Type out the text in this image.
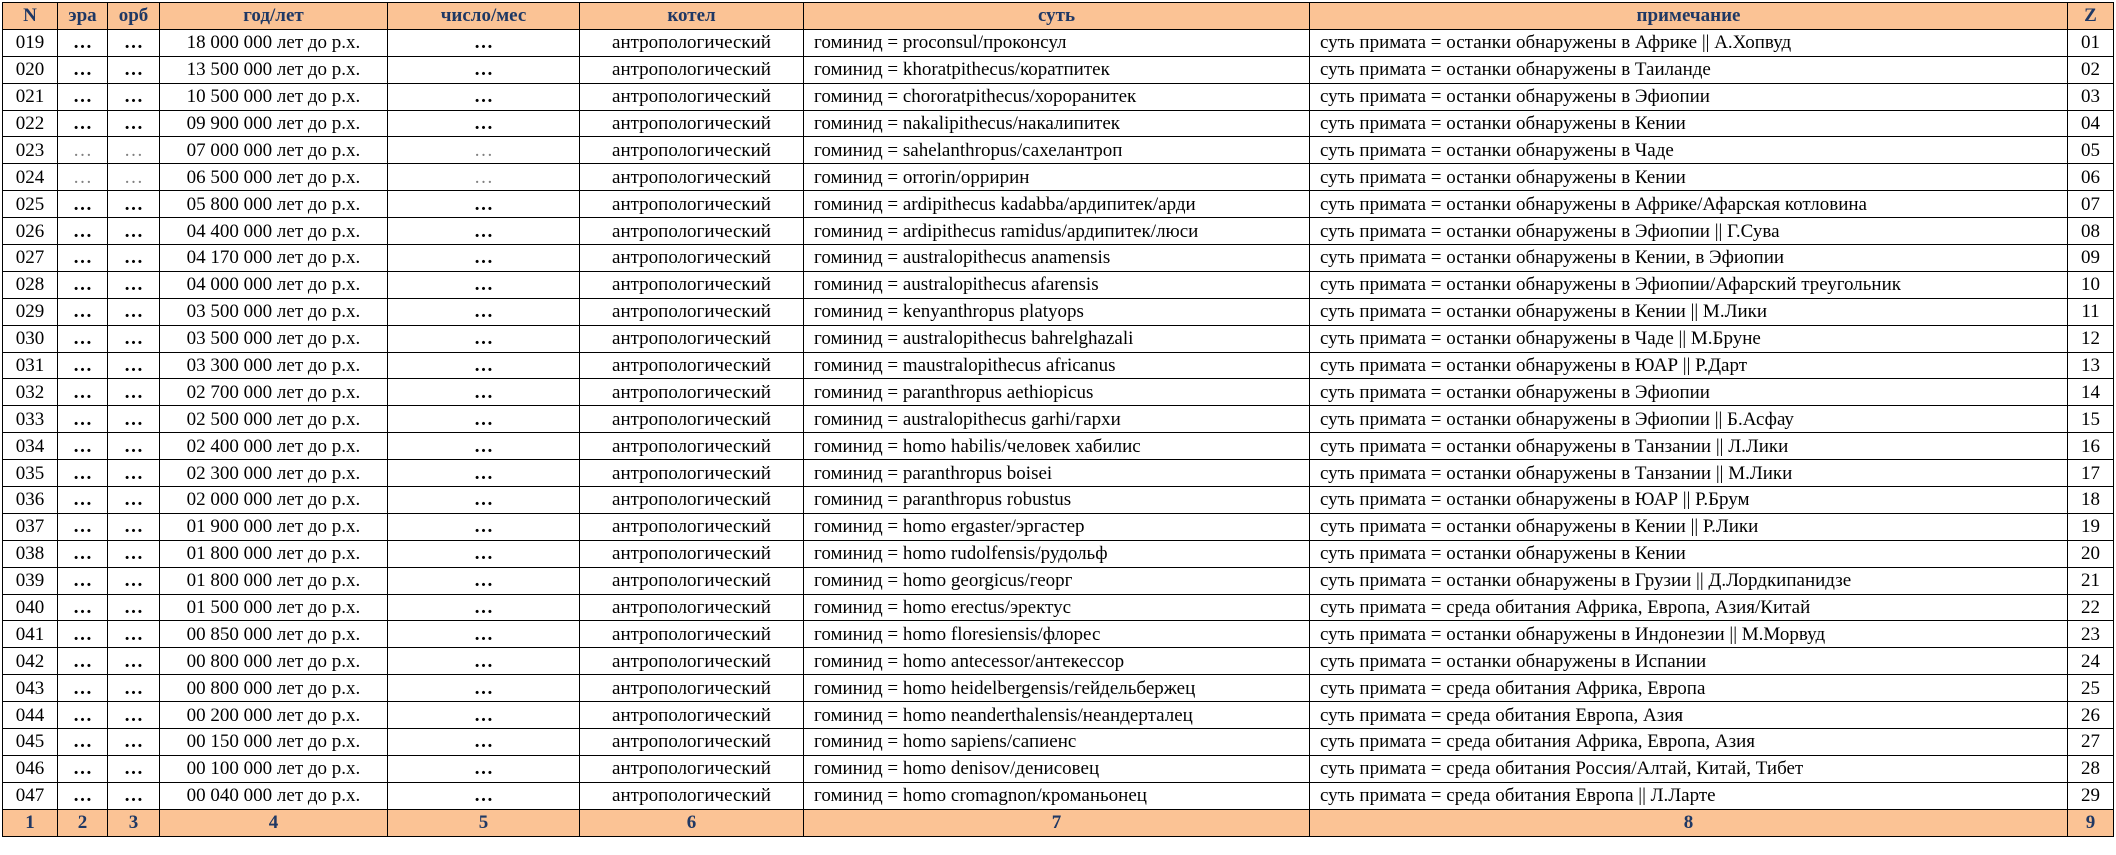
N	эра	орб	год/лет	число/мес	котел	суть	примечание	Z
019	…	…	18 000 000 лет до р.х.	…	антропологический	гоминид = proconsul/проконсул	суть примата = останки обнаружены в Африке || А.Хопвуд	01
020	…	…	13 500 000 лет до р.х.	…	антропологический	гоминид = khoratpithecus/коратпитек	суть примата = останки обнаружены в Таиланде	02
021	…	…	10 500 000 лет до р.х.	…	антропологический	гоминид = chororatpithecus/хороранитек	суть примата = останки обнаружены в Эфиопии	03
022	…	…	09 900 000 лет до р.х.	…	антропологический	гоминид = nakalipithecus/накалипитек	суть примата = останки обнаружены в Кении	04
023	…	…	07 000 000 лет до р.х.	…	антропологический	гоминид = sahelanthropus/сахелантроп	суть примата = останки обнаружены в Чаде	05
024	…	…	06 500 000 лет до р.х.	…	антропологический	гоминид = orrorin/орририн	суть примата = останки обнаружены в Кении	06
025	…	…	05 800 000 лет до р.х.	…	антропологический	гоминид = ardipithecus kadabba/ардипитек/арди	суть примата = останки обнаружены в Африке/Афарская котловина	07
026	…	…	04 400 000 лет до р.х.	…	антропологический	гоминид = ardipithecus ramidus/ардипитек/люси	суть примата = останки обнаружены в Эфиопии || Г.Сува	08
027	…	…	04 170 000 лет до р.х.	…	антропологический	гоминид = australopithecus anamensis	суть примата = останки обнаружены в Кении, в Эфиопии	09
028	…	…	04 000 000 лет до р.х.	…	антропологический	гоминид = australopithecus afarensis	суть примата = останки обнаружены в Эфиопии/Афарский треугольник	10
029	…	…	03 500 000 лет до р.х.	…	антропологический	гоминид = kenyanthropus platyops	суть примата = останки обнаружены в Кении || М.Лики	11
030	…	…	03 500 000 лет до р.х.	…	антропологический	гоминид = australopithecus bahrelghazali	суть примата = останки обнаружены в Чаде || М.Бруне	12
031	…	…	03 300 000 лет до р.х.	…	антропологический	гоминид = maustralopithecus africanus	суть примата = останки обнаружены в ЮАР || Р.Дарт	13
032	…	…	02 700 000 лет до р.х.	…	антропологический	гоминид = paranthropus aethiopicus	суть примата = останки обнаружены в Эфиопии	14
033	…	…	02 500 000 лет до р.х.	…	антропологический	гоминид = australopithecus garhi/гархи	суть примата = останки обнаружены в Эфиопии || Б.Асфау	15
034	…	…	02 400 000 лет до р.х.	…	антропологический	гоминид = homo habilis/человек хабилис	суть примата = останки обнаружены в Танзании || Л.Лики	16
035	…	…	02 300 000 лет до р.х.	…	антропологический	гоминид = paranthropus boisei	суть примата = останки обнаружены в Танзании || М.Лики	17
036	…	…	02 000 000 лет до р.х.	…	антропологический	гоминид = paranthropus robustus	суть примата = останки обнаружены в ЮАР || Р.Брум	18
037	…	…	01 900 000 лет до р.х.	…	антропологический	гоминид = homo ergaster/эргастер	суть примата = останки обнаружены в Кении || Р.Лики	19
038	…	…	01 800 000 лет до р.х.	…	антропологический	гоминид = homo rudolfensis/рудольф	суть примата = останки обнаружены в Кении	20
039	…	…	01 800 000 лет до р.х.	…	антропологический	гоминид = homo georgicus/георг	суть примата = останки обнаружены в Грузии || Д.Лордкипанидзе	21
040	…	…	01 500 000 лет до р.х.	…	антропологический	гоминид = homo erectus/эректус	суть примата = среда обитания Африка, Европа, Азия/Китай	22
041	…	…	00 850 000 лет до р.х.	…	антропологический	гоминид = homo floresiensis/флорес	суть примата = останки обнаружены в Индонезии || М.Морвуд	23
042	…	…	00 800 000 лет до р.х.	…	антропологический	гоминид = homo antecessor/антекессор	суть примата = останки обнаружены в Испании	24
043	…	…	00 800 000 лет до р.х.	…	антропологический	гоминид = homo heidelbergensis/гейдельбержец	суть примата = среда обитания Африка, Европа	25
044	…	…	00 200 000 лет до р.х.	…	антропологический	гоминид = homo neanderthalensis/неандерталец	суть примата = среда обитания Европа, Азия	26
045	…	…	00 150 000 лет до р.х.	…	антропологический	гоминид = homo sapiens/сапиенс	суть примата = среда обитания Африка, Европа, Азия	27
046	…	…	00 100 000 лет до р.х.	…	антропологический	гоминид = homo denisov/денисовец	суть примата = среда обитания Россия/Алтай, Китай, Тибет	28
047	…	…	00 040 000 лет до р.х.	…	антропологический	гоминид = homo cromagnon/кроманьонец	суть примата = среда обитания Европа || Л.Ларте	29
1	2	3	4	5	6	7	8	9
